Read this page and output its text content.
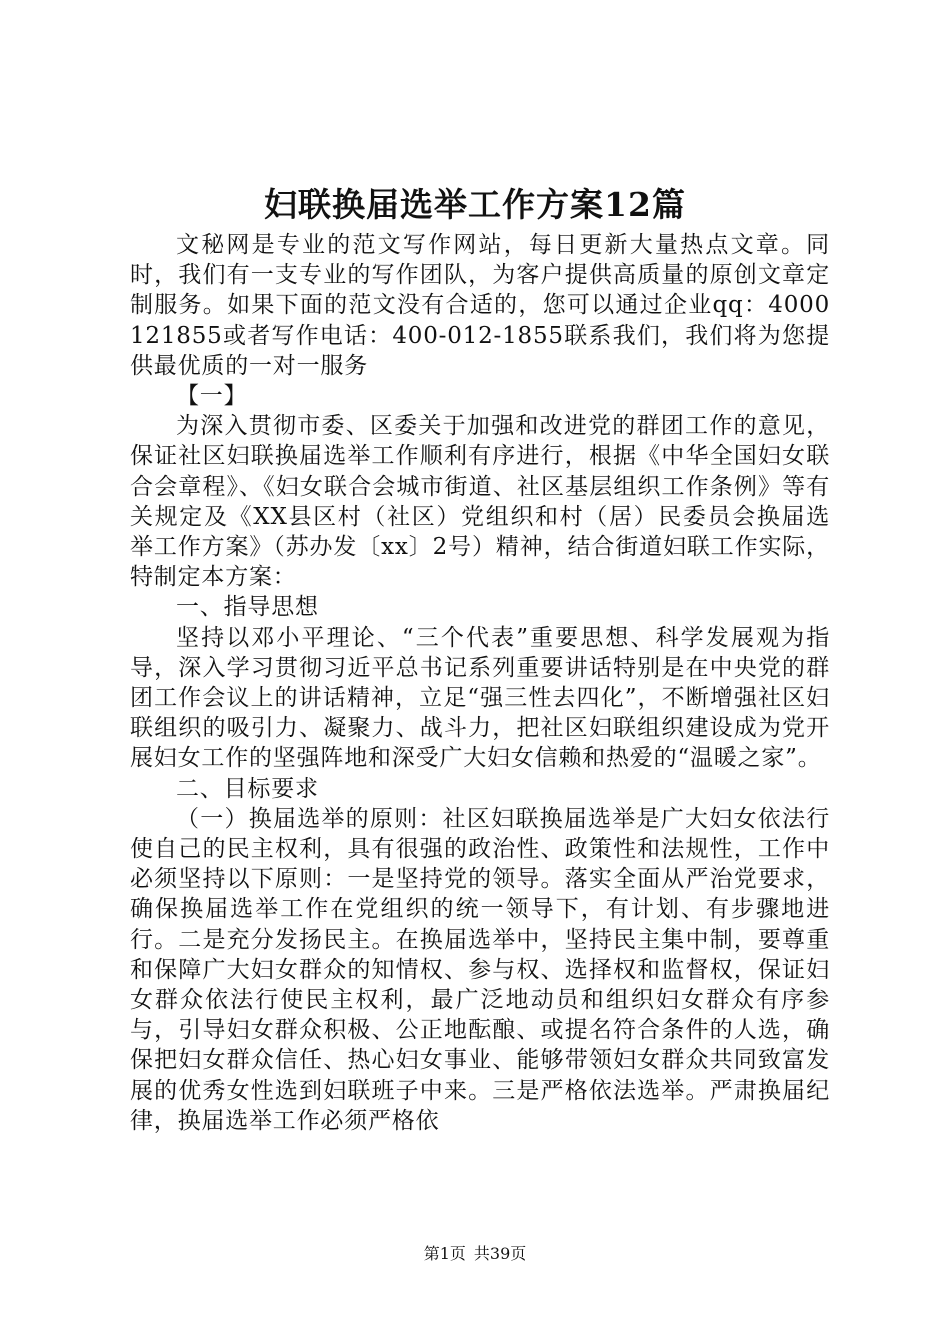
妇联换届选举工作方案12篇

文秘网是专业的范文写作网站，每日更新大量热点文章。同时，我们有一支专业的写作团队，为客户提供高质量的原创文章定制服务。如果下面的范文没有合适的，您可以通过企业qq：4000121855或者写作电话：400-012-1855联系我们，我们将为您提供最优质的一对一服务

【一】

为深入贯彻市委、区委关于加强和改进党的群团工作的意见，保证社区妇联换届选举工作顺利有序进行，根据《中华全国妇女联合会章程》、《妇女联合会城市街道、社区基层组织工作条例》等有关规定及《XX县区村（社区）党组织和村（居）民委员会换届选举工作方案》（苏办发〔xx〕2号）精神，结合街道妇联工作实际，特制定本方案：

一、指导思想

坚持以邓小平理论、“三个代表”重要思想、科学发展观为指导，深入学习贯彻习近平总书记系列重要讲话特别是在中央党的群团工作会议上的讲话精神，立足“强三性去四化”，不断增强社区妇联组织的吸引力、凝聚力、战斗力，把社区妇联组织建设成为党开展妇女工作的坚强阵地和深受广大妇女信赖和热爱的“温暖之家”。

二、目标要求

（一）换届选举的原则：社区妇联换届选举是广大妇女依法行使自己的民主权利，具有很强的政治性、政策性和法规性，工作中必须坚持以下原则：一是坚持党的领导。落实全面从严治党要求，确保换届选举工作在党组织的统一领导下，有计划、有步骤地进行。二是充分发扬民主。在换届选举中，坚持民主集中制，要尊重和保障广大妇女群众的知情权、参与权、选择权和监督权，保证妇女群众依法行使民主权利，最广泛地动员和组织妇女群众有序参与，引导妇女群众积极、公正地酝酿、或提名符合条件的人选，确保把妇女群众信任、热心妇女事业、能够带领妇女群众共同致富发展的优秀女性选到妇联班子中来。三是严格依法选举。严肃换届纪律，换届选举工作必须严格依

第1页 共39页
